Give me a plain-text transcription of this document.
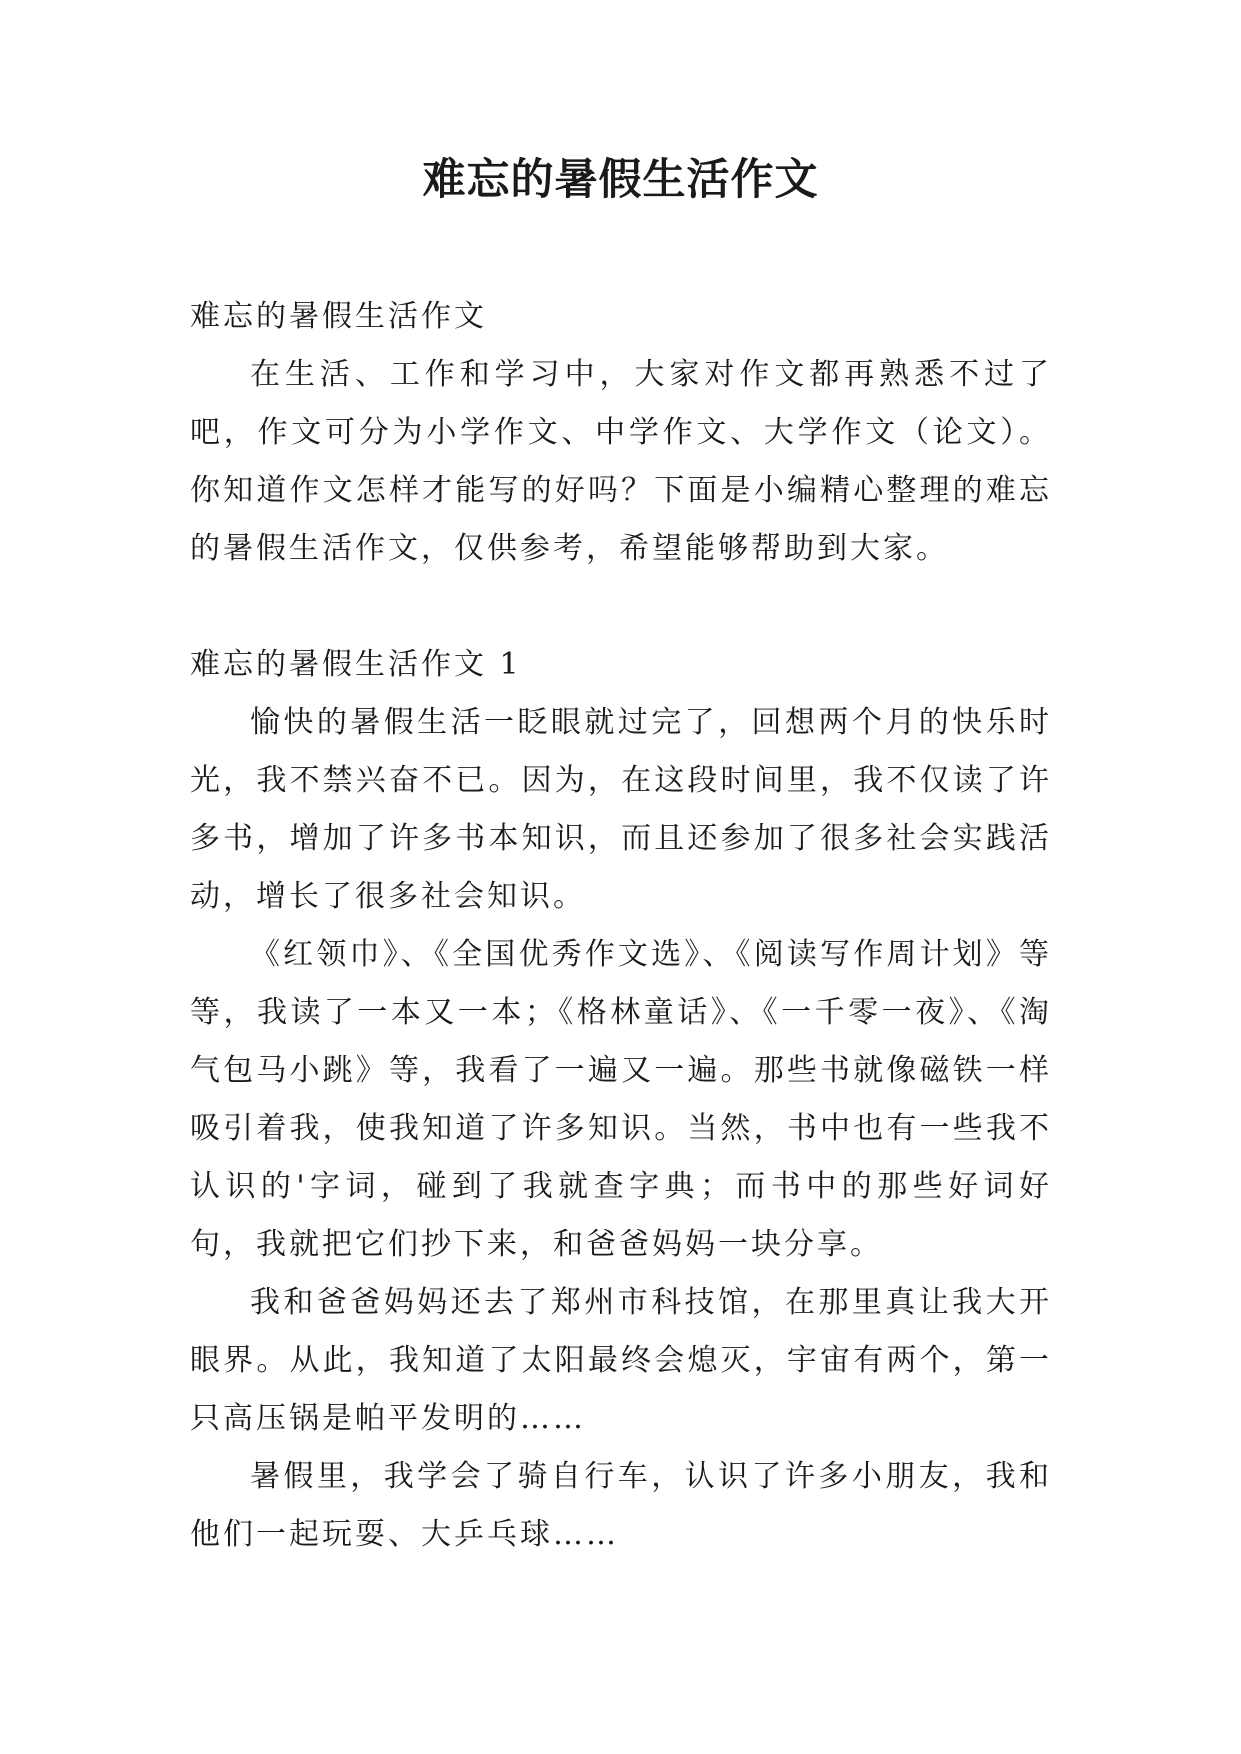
难忘的暑假生活作文

难忘的暑假生活作文

在生活、工作和学习中，大家对作文都再熟悉不过了吧，作文可分为小学作文、中学作文、大学作文（论文）。你知道作文怎样才能写的好吗？下面是小编精心整理的难忘的暑假生活作文，仅供参考，希望能够帮助到大家。

难忘的暑假生活作文 1

愉快的暑假生活一眨眼就过完了，回想两个月的快乐时光，我不禁兴奋不已。因为，在这段时间里，我不仅读了许多书，增加了许多书本知识，而且还参加了很多社会实践活动，增长了很多社会知识。

《红领巾》、《全国优秀作文选》、《阅读写作周计划》等等，我读了一本又一本；《格林童话》、《一千零一夜》、《淘气包马小跳》等，我看了一遍又一遍。那些书就像磁铁一样吸引着我，使我知道了许多知识。当然，书中也有一些我不认识的'字词，碰到了我就查字典；而书中的那些好词好句，我就把它们抄下来，和爸爸妈妈一块分享。

我和爸爸妈妈还去了郑州市科技馆，在那里真让我大开眼界。从此，我知道了太阳最终会熄灭，宇宙有两个，第一只高压锅是帕平发明的……

暑假里，我学会了骑自行车，认识了许多小朋友，我和他们一起玩耍、大乒乓球……
